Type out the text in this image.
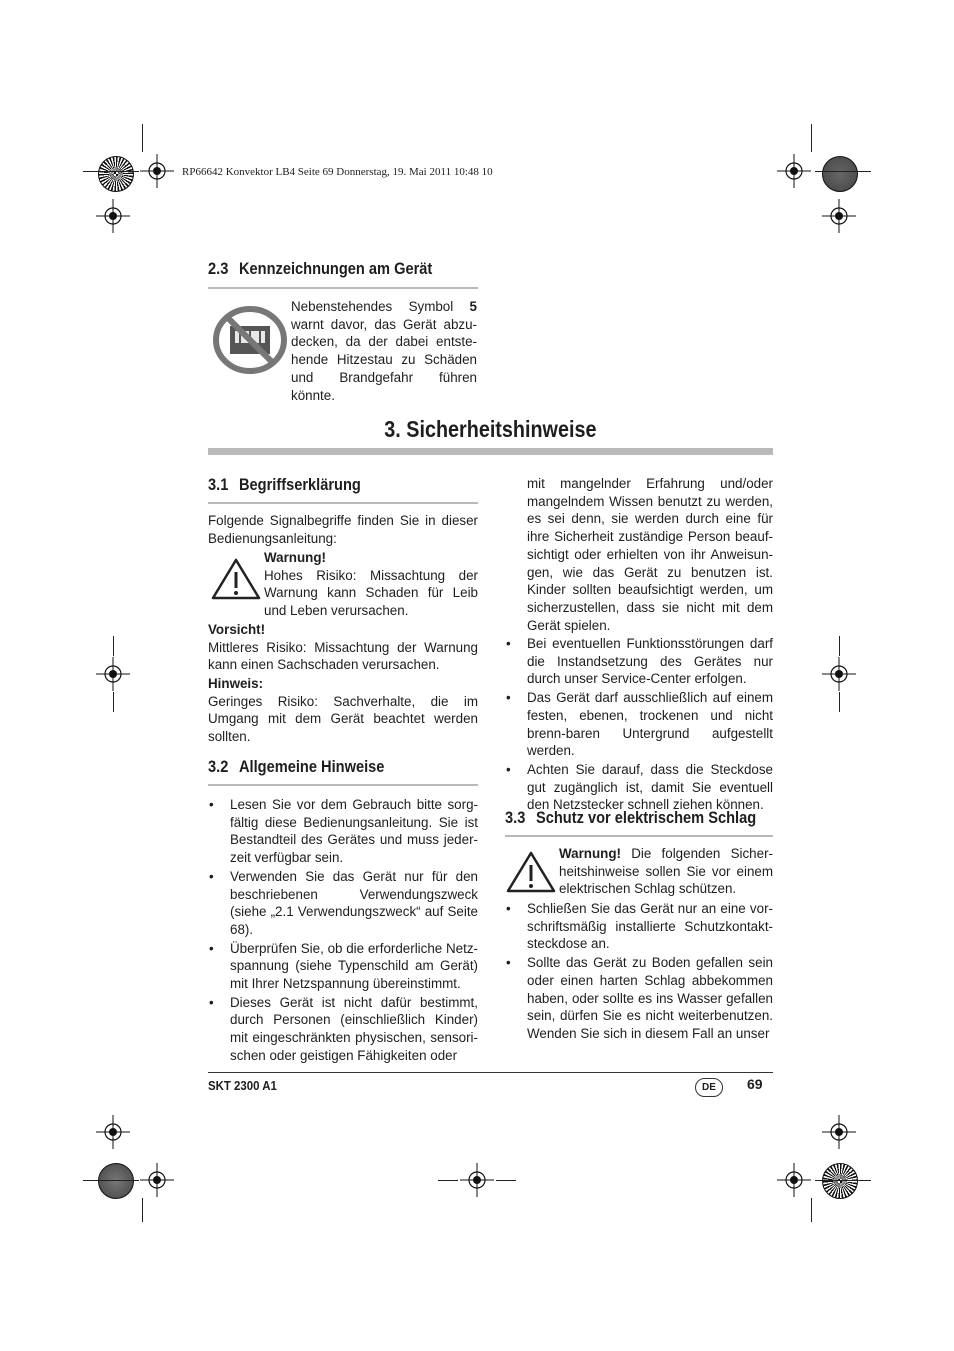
RP66642 Konvektor LB4 Seite 69 Donnerstag, 19. Mai 2011 10:48 10
2.3 Kennzeichnungen am Gerät
Nebenstehendes Symbol 5 warnt davor, das Gerät abzu-decken, da der dabei entste-hende Hitzestau zu Schäden und Brandgefahr führen könnte.
3. Sicherheitshinweise
3.1 Begriffserklärung
Folgende Signalbegriffe finden Sie in dieser Bedienungsanleitung:
Warnung!
Hohes Risiko: Missachtung der Warnung kann Schaden für Leib und Leben verursachen.
Vorsicht!
Mittleres Risiko: Missachtung der Warnung kann einen Sachschaden verursachen.
Hinweis:
Geringes Risiko: Sachverhalte, die im Umgang mit dem Gerät beachtet werden sollten.
3.2 Allgemeine Hinweise
• Lesen Sie vor dem Gebrauch bitte sorg-fältig diese Bedienungsanleitung. Sie ist Bestandteil des Gerätes und muss jeder-zeit verfügbar sein.
• Verwenden Sie das Gerät nur für den beschriebenen Verwendungszweck (siehe „2.1 Verwendungszweck“ auf Seite 68).
• Überprüfen Sie, ob die erforderliche Netz-spannung (siehe Typenschild am Gerät) mit Ihrer Netzspannung übereinstimmt.
• Dieses Gerät ist nicht dafür bestimmt, durch Personen (einschließlich Kinder) mit eingeschränkten physischen, sensori-schen oder geistigen Fähigkeiten oder
mit mangelnder Erfahrung und/oder mangelndem Wissen benutzt zu werden, es sei denn, sie werden durch eine für ihre Sicherheit zuständige Person beauf-sichtigt oder erhielten von ihr Anweisun-gen, wie das Gerät zu benutzen ist. Kinder sollten beaufsichtigt werden, um sicherzustellen, dass sie nicht mit dem Gerät spielen.
• Bei eventuellen Funktionsstörungen darf die Instandsetzung des Gerätes nur durch unser Service-Center erfolgen.
• Das Gerät darf ausschließlich auf einem festen, ebenen, trockenen und nicht brenn-baren Untergrund aufgestellt werden.
• Achten Sie darauf, dass die Steckdose gut zugänglich ist, damit Sie eventuell den Netzstecker schnell ziehen können.
3.3 Schutz vor elektrischem Schlag
Warnung! Die folgenden Sicher-heitshinweise sollen Sie vor einem elektrischen Schlag schützen.
• Schließen Sie das Gerät nur an eine vor-schriftsmäßig installierte Schutzkontakt-steckdose an.
• Sollte das Gerät zu Boden gefallen sein oder einen harten Schlag abbekommen haben, oder sollte es ins Wasser gefallen sein, dürfen Sie es nicht weiterbenutzen. Wenden Sie sich in diesem Fall an unser
SKT 2300 A1	DE	69
